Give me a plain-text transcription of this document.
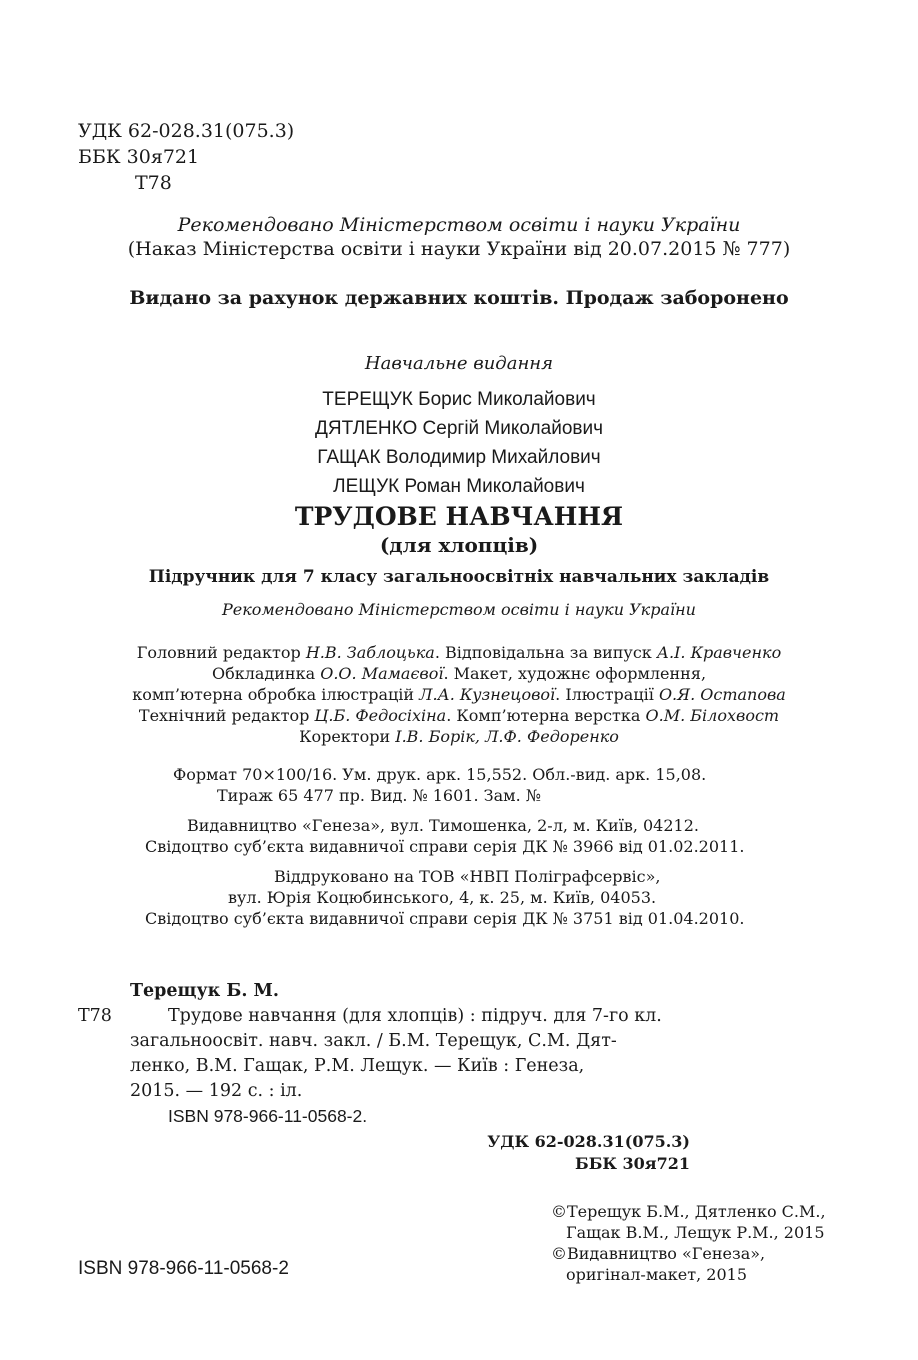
УДК 62-028.31(075.3)
ББК 30я721
Т78
Рекомендовано Міністерством освіти і науки України
(Наказ Міністерства освіти і науки України від 20.07.2015 № 777)
Видано за рахунок державних коштів. Продаж заборонено
Навчальне видання
ТЕРЕЩУК Борис Миколайович
ДЯТЛЕНКО Сергій Миколайович
ГАЩАК Володимир Михайлович
ЛЕЩУК Роман Миколайович
ТРУДОВЕ НАВЧАННЯ
(для хлопців)
Підручник для 7 класу загальноосвітніх навчальних закладів
Рекомендовано Міністерством освіти і науки України
Головний редактор Н.В. Заблоцька. Відповідальна за випуск А.І. Кравченко
Обкладинка О.О. Мамаєвої. Макет, художнє оформлення,
комп’ютерна обробка ілюстрацій Л.А. Кузнецової. Ілюстрації О.Я. Остапова
Технічний редактор Ц.Б. Федосіхіна. Комп’ютерна верстка О.М. Білохвост
Коректори І.В. Борік, Л.Ф. Федоренко
Формат 70×100/16. Ум. друк. арк. 15,552. Обл.-вид. арк. 15,08.
Тираж 65 477 пр. Вид. № 1601. Зам. №
Видавництво «Генеза», вул. Тимошенка, 2-л, м. Київ, 04212.
Свідоцтво суб’єкта видавничої справи серія ДК № 3966 від 01.02.2011.
Віддруковано на ТОВ «НВП Поліграфсервіс»,
вул. Юрія Коцюбинського, 4, к. 25, м. Київ, 04053.
Свідоцтво суб’єкта видавничої справи серія ДК № 3751 від 01.04.2010.
Терещук Б. М.
Т78	Трудове навчання (для хлопців) : підруч. для 7-го кл.
загальноосвіт. навч. закл. / Б.М. Терещук, С.М. Дят-
ленко, В.М. Гащак, Р.М. Лещук. — Київ : Генеза,
2015. — 192 с. : іл.
ISBN 978-966-11-0568-2.
УДК 62-028.31(075.3)
ББК 30я721
ISBN 978-966-11-0568-2
©Терещук Б.М., Дятленко С.М.,
Гащак В.М., Лещук Р.М., 2015
©Видавництво «Генеза»,
оригінал-макет, 2015
